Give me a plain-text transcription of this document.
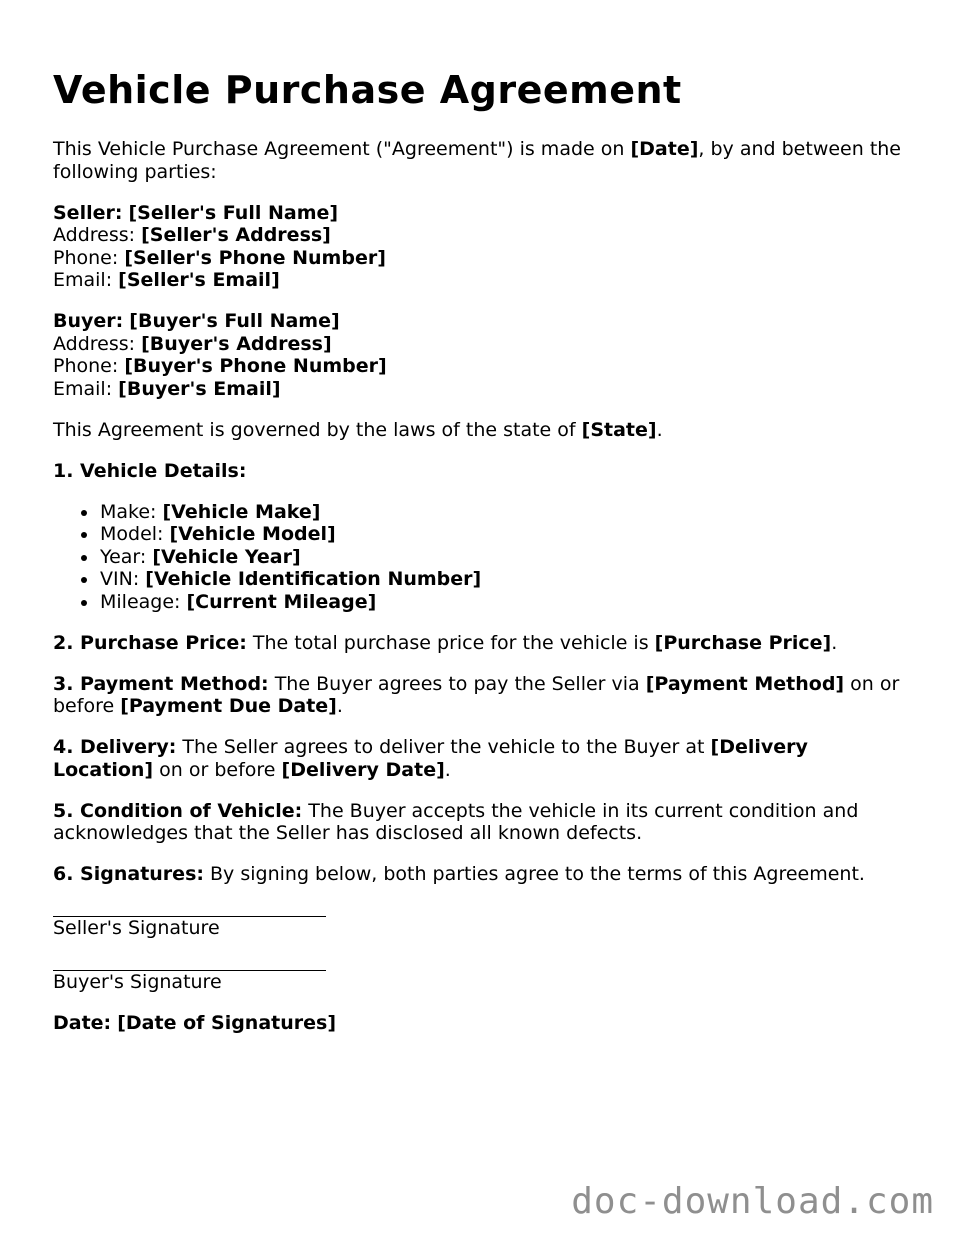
Vehicle Purchase Agreement

This Vehicle Purchase Agreement ("Agreement") is made on [Date], by and between the following parties:

Seller: [Seller's Full Name]
Address: [Seller's Address]
Phone: [Seller's Phone Number]
Email: [Seller's Email]

Buyer: [Buyer's Full Name]
Address: [Buyer's Address]
Phone: [Buyer's Phone Number]
Email: [Buyer's Email]

This Agreement is governed by the laws of the state of [State].

1. Vehicle Details:

Make: [Vehicle Make]
Model: [Vehicle Model]
Year: [Vehicle Year]
VIN: [Vehicle Identification Number]
Mileage: [Current Mileage]

2. Purchase Price: The total purchase price for the vehicle is [Purchase Price].

3. Payment Method: The Buyer agrees to pay the Seller via [Payment Method] on or before [Payment Due Date].

4. Delivery: The Seller agrees to deliver the vehicle to the Buyer at [Delivery Location] on or before [Delivery Date].

5. Condition of Vehicle: The Buyer accepts the vehicle in its current condition and acknowledges that the Seller has disclosed all known defects.

6. Signatures: By signing below, both parties agree to the terms of this Agreement.

Seller's Signature
Buyer's Signature

Date: [Date of Signatures]

doc-download.com
